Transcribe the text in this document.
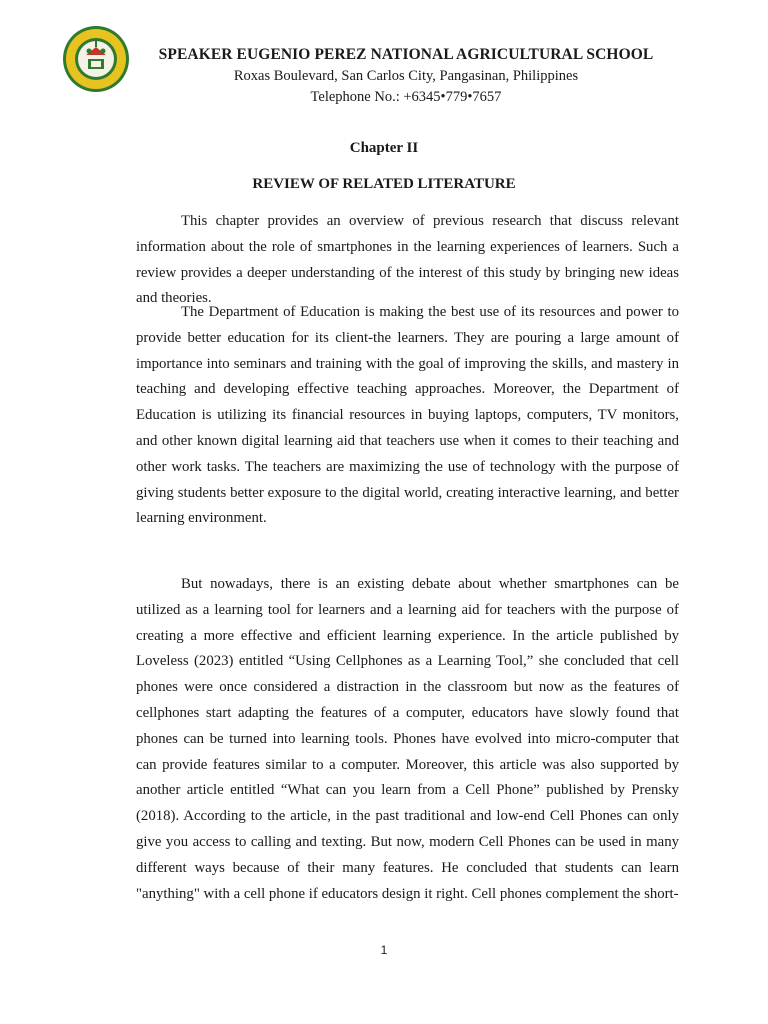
SPEAKER EUGENIO PEREZ NATIONAL AGRICULTURAL SCHOOL
Roxas Boulevard, San Carlos City, Pangasinan, Philippines
Telephone No.: +6345•779•7657
Chapter II
REVIEW OF RELATED LITERATURE

This chapter provides an overview of previous research that discuss relevant information about the role of smartphones in the learning experiences of learners. Such a review provides a deeper understanding of the interest of this study by bringing new ideas and theories.

The Department of Education is making the best use of its resources and power to provide better education for its client-the learners. They are pouring a large amount of importance into seminars and training with the goal of improving the skills, and mastery in teaching and developing effective teaching approaches. Moreover, the Department of Education is utilizing its financial resources in buying laptops, computers, TV monitors, and other known digital learning aid that teachers use when it comes to their teaching and other work tasks. The teachers are maximizing the use of technology with the purpose of giving students better exposure to the digital world, creating interactive learning, and better learning environment.

But nowadays, there is an existing debate about whether smartphones can be utilized as a learning tool for learners and a learning aid for teachers with the purpose of creating a more effective and efficient learning experience. In the article published by Loveless (2023) entitled “Using Cellphones as a Learning Tool,” she concluded that cell phones were once considered a distraction in the classroom but now as the features of cellphones start adapting the features of a computer, educators have slowly found that phones can be turned into learning tools. Phones have evolved into micro-computer that can provide features similar to a computer. Moreover, this article was also supported by another article entitled “What can you learn from a Cell Phone” published by Prensky (2018). According to the article, in the past traditional and low-end Cell Phones can only give you access to calling and texting. But now, modern Cell Phones can be used in many different ways because of their many features. He concluded that students can learn "anything" with a cell phone if educators design it right. Cell phones complement the short-

1
